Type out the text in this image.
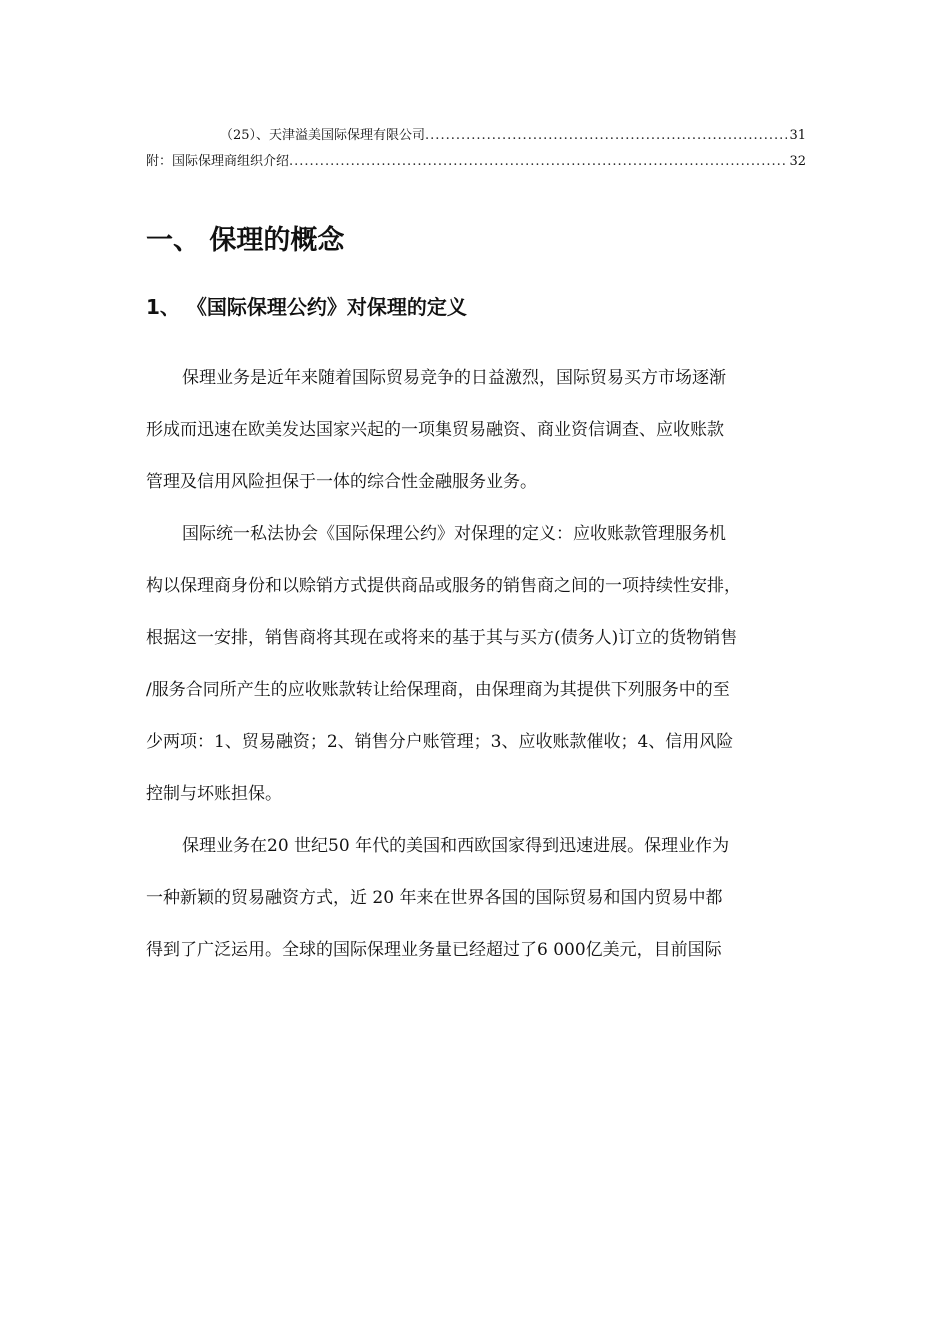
（25）、天津溢美国际保理有限公司 .....	31
附：国际保理商组织介绍 .....	32
一、 保理的概念
1、 《国际保理公约》对保理的定义

保理业务是近年来随着国际贸易竞争的日益激烈，国际贸易买方市场逐渐
形成而迅速在欧美发达国家兴起的一项集贸易融资、商业资信调查、应收账款
管理及信用风险担保于一体的综合性金融服务业务。

国际统一私法协会《国际保理公约》对保理的定义：应收账款管理服务机
构以保理商身份和以赊销方式提供商品或服务的销售商之间的一项持续性安排，
根据这一安排，销售商将其现在或将来的基于其与买方(债务人)订立的货物销售
/服务合同所产生的应收账款转让给保理商，由保理商为其提供下列服务中的至
少两项：1、贸易融资；2、销售分户账管理；3、应收账款催收；4、信用风险
控制与坏账担保。

保理业务在20 世纪50 年代的美国和西欧国家得到迅速进展。保理业作为
一种新颖的贸易融资方式，近 20 年来在世界各国的国际贸易和国内贸易中都
得到了广泛运用。全球的国际保理业务量已经超过了6 000亿美元，目前国际
